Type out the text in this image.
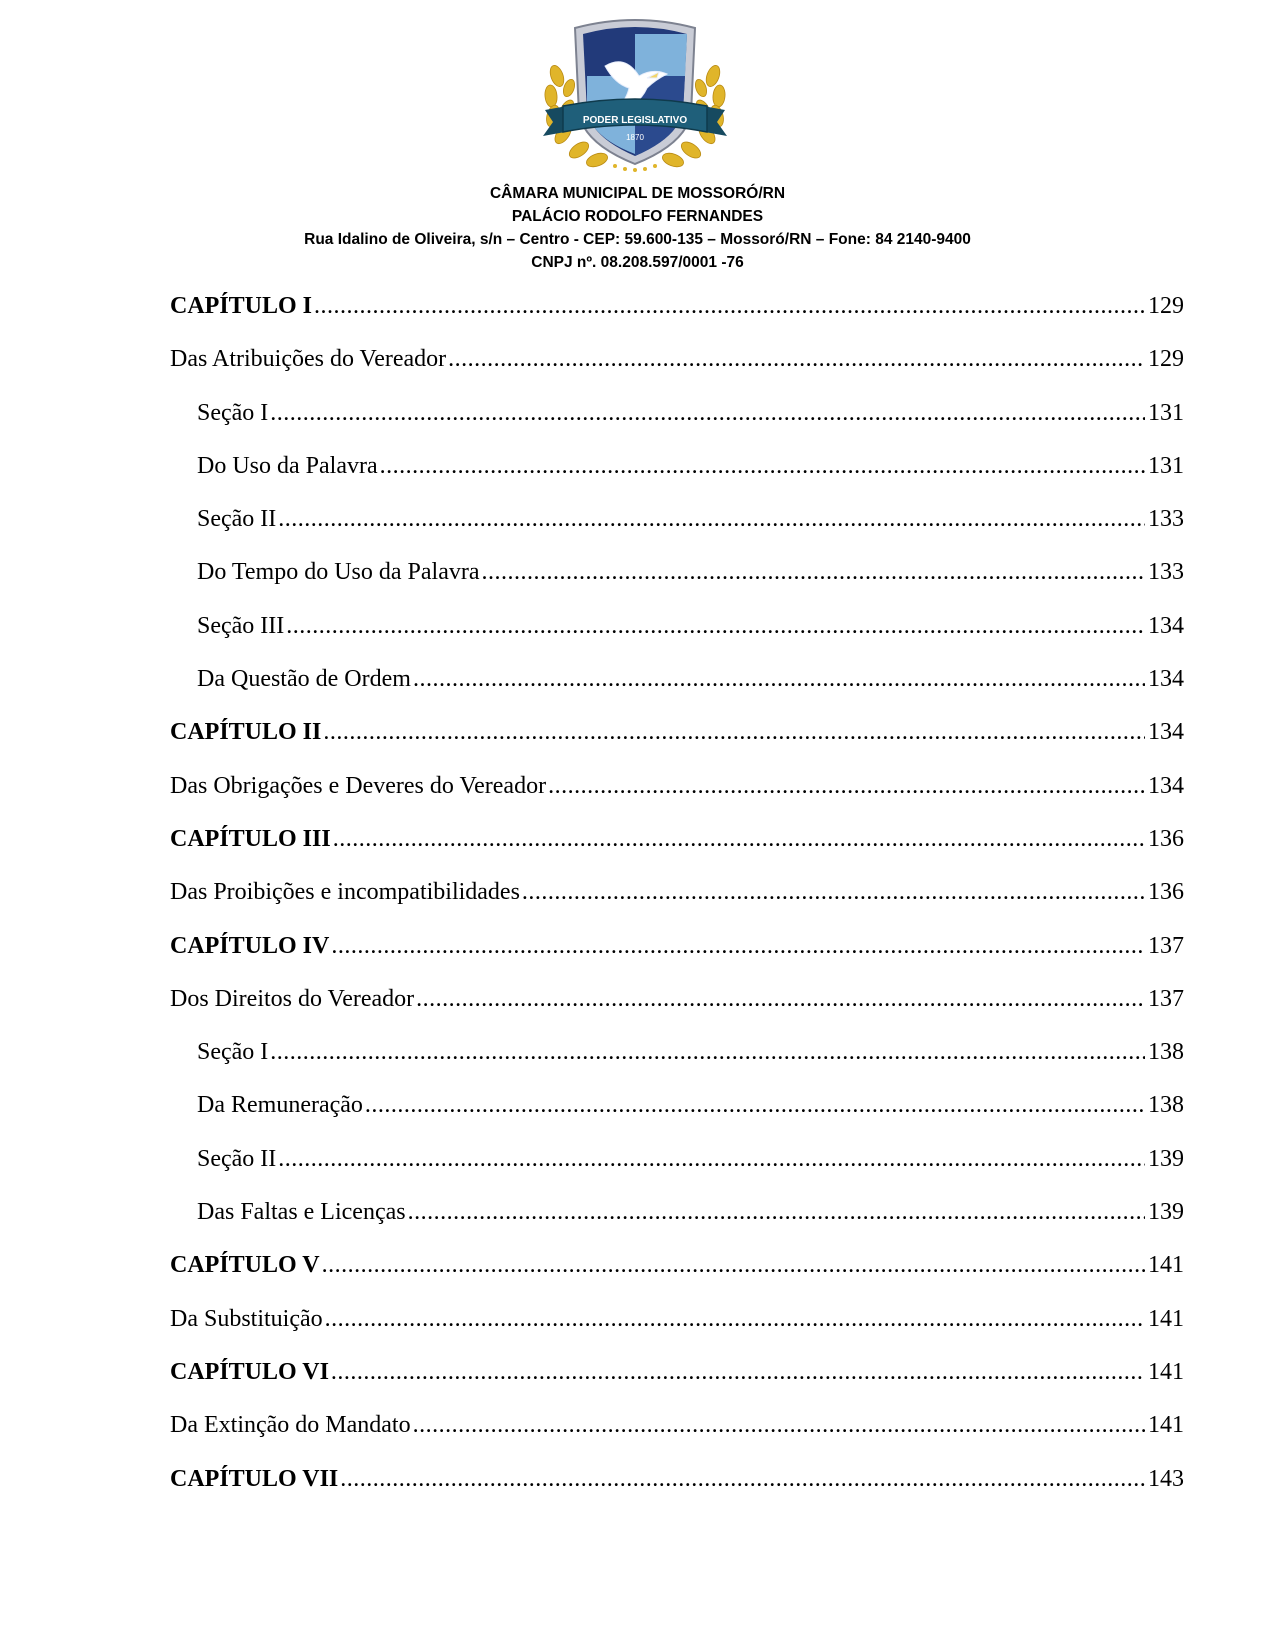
PODER LEGISLATIVO
1870
CÂMARA MUNICIPAL DE MOSSORÓ/RN
PALÁCIO RODOLFO FERNANDES
Rua Idalino de Oliveira, s/n – Centro - CEP: 59.600-135 – Mossoró/RN – Fone: 84 2140-9400
CNPJ nº. 08.208.597/0001 -76
CAPÍTULO I .....	129
Das Atribuições do Vereador .....	129
Seção I .....	131
Do Uso da Palavra .....	131
Seção II .....	133
Do Tempo do Uso da Palavra .....	133
Seção III .....	134
Da Questão de Ordem .....	134
CAPÍTULO II .....	134
Das Obrigações e Deveres do Vereador .....	134
CAPÍTULO III .....	136
Das Proibições e incompatibilidades .....	136
CAPÍTULO IV .....	137
Dos Direitos do Vereador .....	137
Seção I .....	138
Da Remuneração .....	138
Seção II .....	139
Das Faltas e Licenças .....	139
CAPÍTULO V .....	141
Da Substituição .....	141
CAPÍTULO VI .....	141
Da Extinção do Mandato .....	141
CAPÍTULO VII .....	143
